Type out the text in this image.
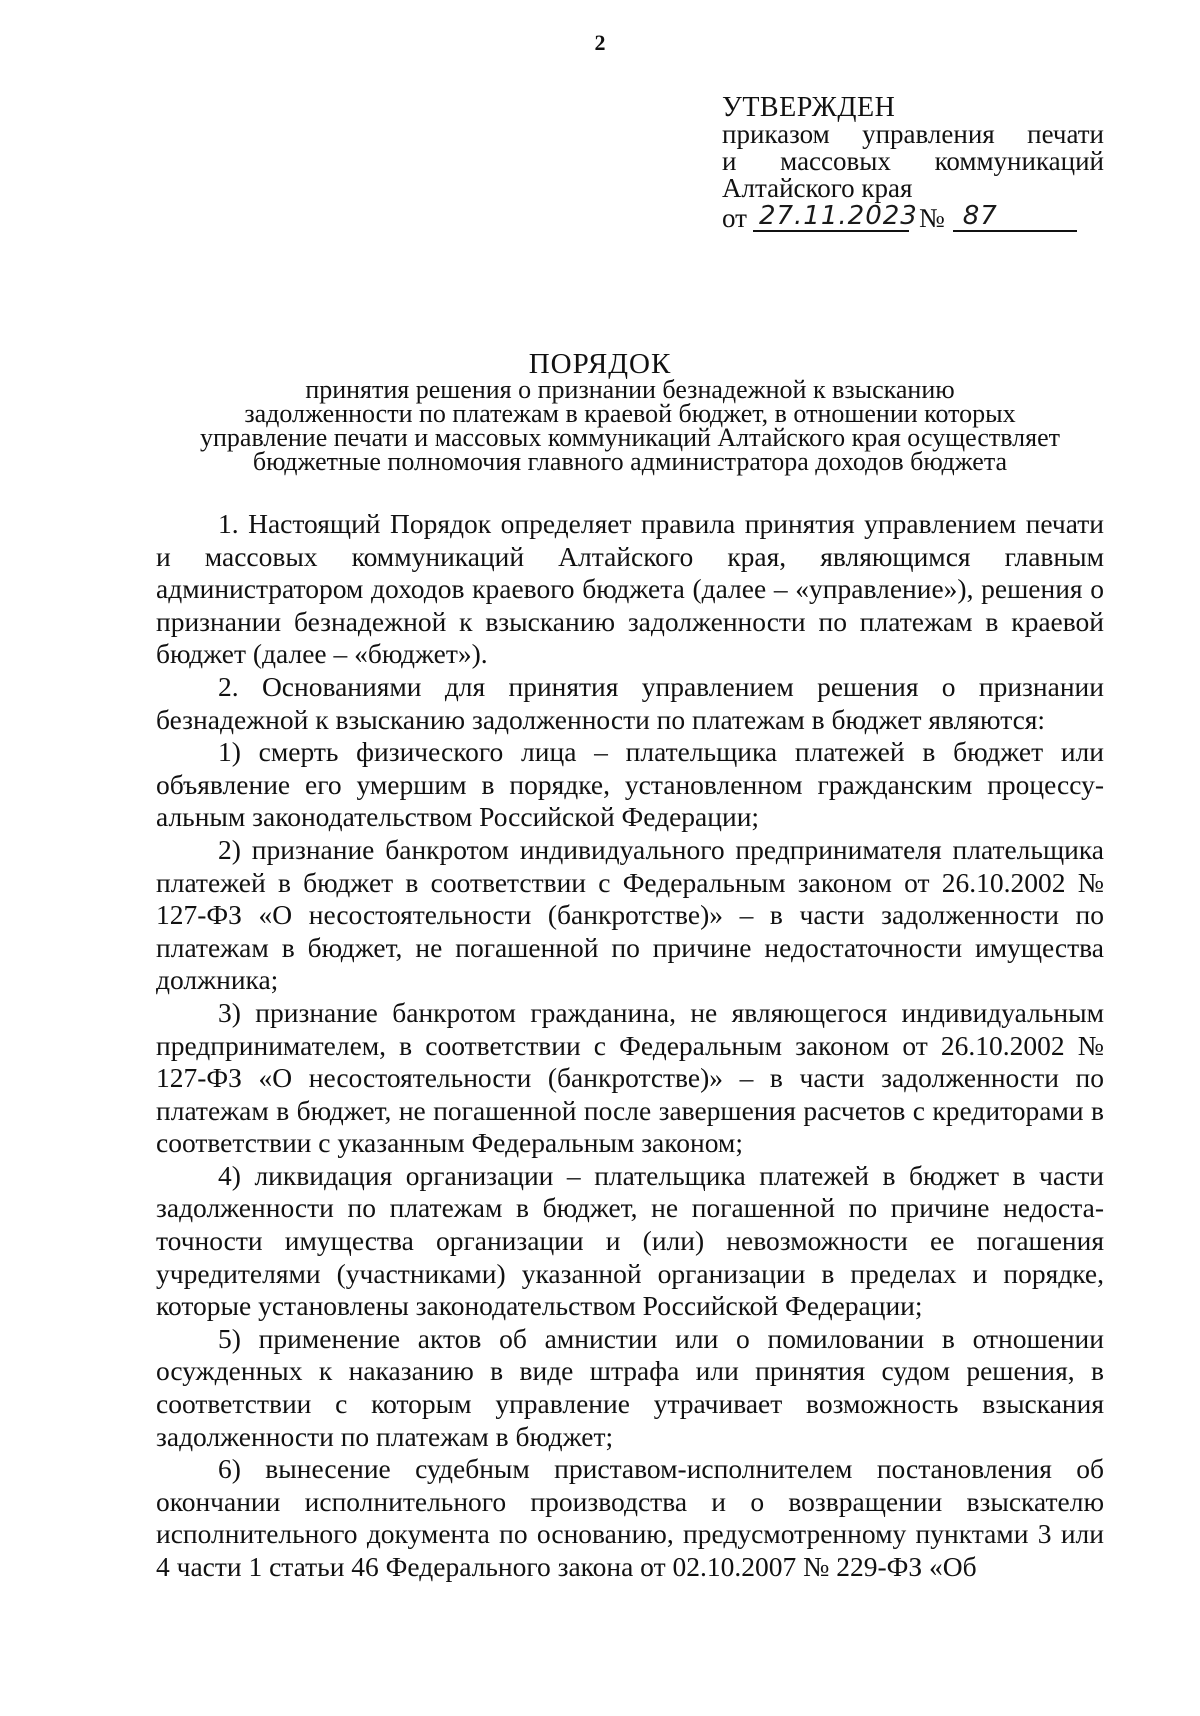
2
УТВЕРЖДЕН
приказом управления печати
и массовых коммуникаций
Алтайского края
от 27.11.2023 № 87
ПОРЯДОК
принятия решения о признании безнадежной к взысканию
задолженности по платежам в краевой бюджет, в отношении которых
управление печати и массовых коммуникаций Алтайского края осуществляет
бюджетные полномочия главного администратора доходов бюджета

1. Настоящий Порядок определяет правила принятия управлением печати и массовых коммуникаций Алтайского края, являющимся главным администратором доходов краевого бюджета (далее – «управление»), решения о признании безнадежной к взысканию задолженности по платежам в краевой бюджет (далее – «бюджет»).

2. Основаниями для принятия управлением решения о признании безнадежной к взысканию задолженности по платежам в бюджет являются:

1) смерть физического лица – плательщика платежей в бюджет или объявление его умершим в порядке, установленном гражданским процессуальным законодательством Российской Федерации;

2) признание банкротом индивидуального предпринимателя плательщика платежей в бюджет в соответствии с Федеральным законом от 26.10.2002 № 127-ФЗ «О несостоятельности (банкротстве)» – в части задолженности по платежам в бюджет, не погашенной по причине недостаточности имущества должника;

3) признание банкротом гражданина, не являющегося индивидуальным предпринимателем, в соответствии с Федеральным законом от 26.10.2002 № 127-ФЗ «О несостоятельности (банкротстве)» – в части задолженности по платежам в бюджет, не погашенной после завершения расчетов с кредиторами в соответствии с указанным Федеральным законом;

4) ликвидация организации – плательщика платежей в бюджет в части задолженности по платежам в бюджет, не погашенной по причине недостаточности имущества организации и (или) невозможности ее погашения учредителями (участниками) указанной организации в пределах и порядке, которые установлены законодательством Российской Федерации;

5) применение актов об амнистии или о помиловании в отношении осужденных к наказанию в виде штрафа или принятия судом решения, в соответствии с которым управление утрачивает возможность взыскания задолженности по платежам в бюджет;

6) вынесение судебным приставом-исполнителем постановления об окончании исполнительного производства и о возвращении взыскателю исполнительного документа по основанию, предусмотренному пунктами 3 или 4 части 1 статьи 46 Федерального закона от 02.10.2007 № 229-ФЗ «Об
